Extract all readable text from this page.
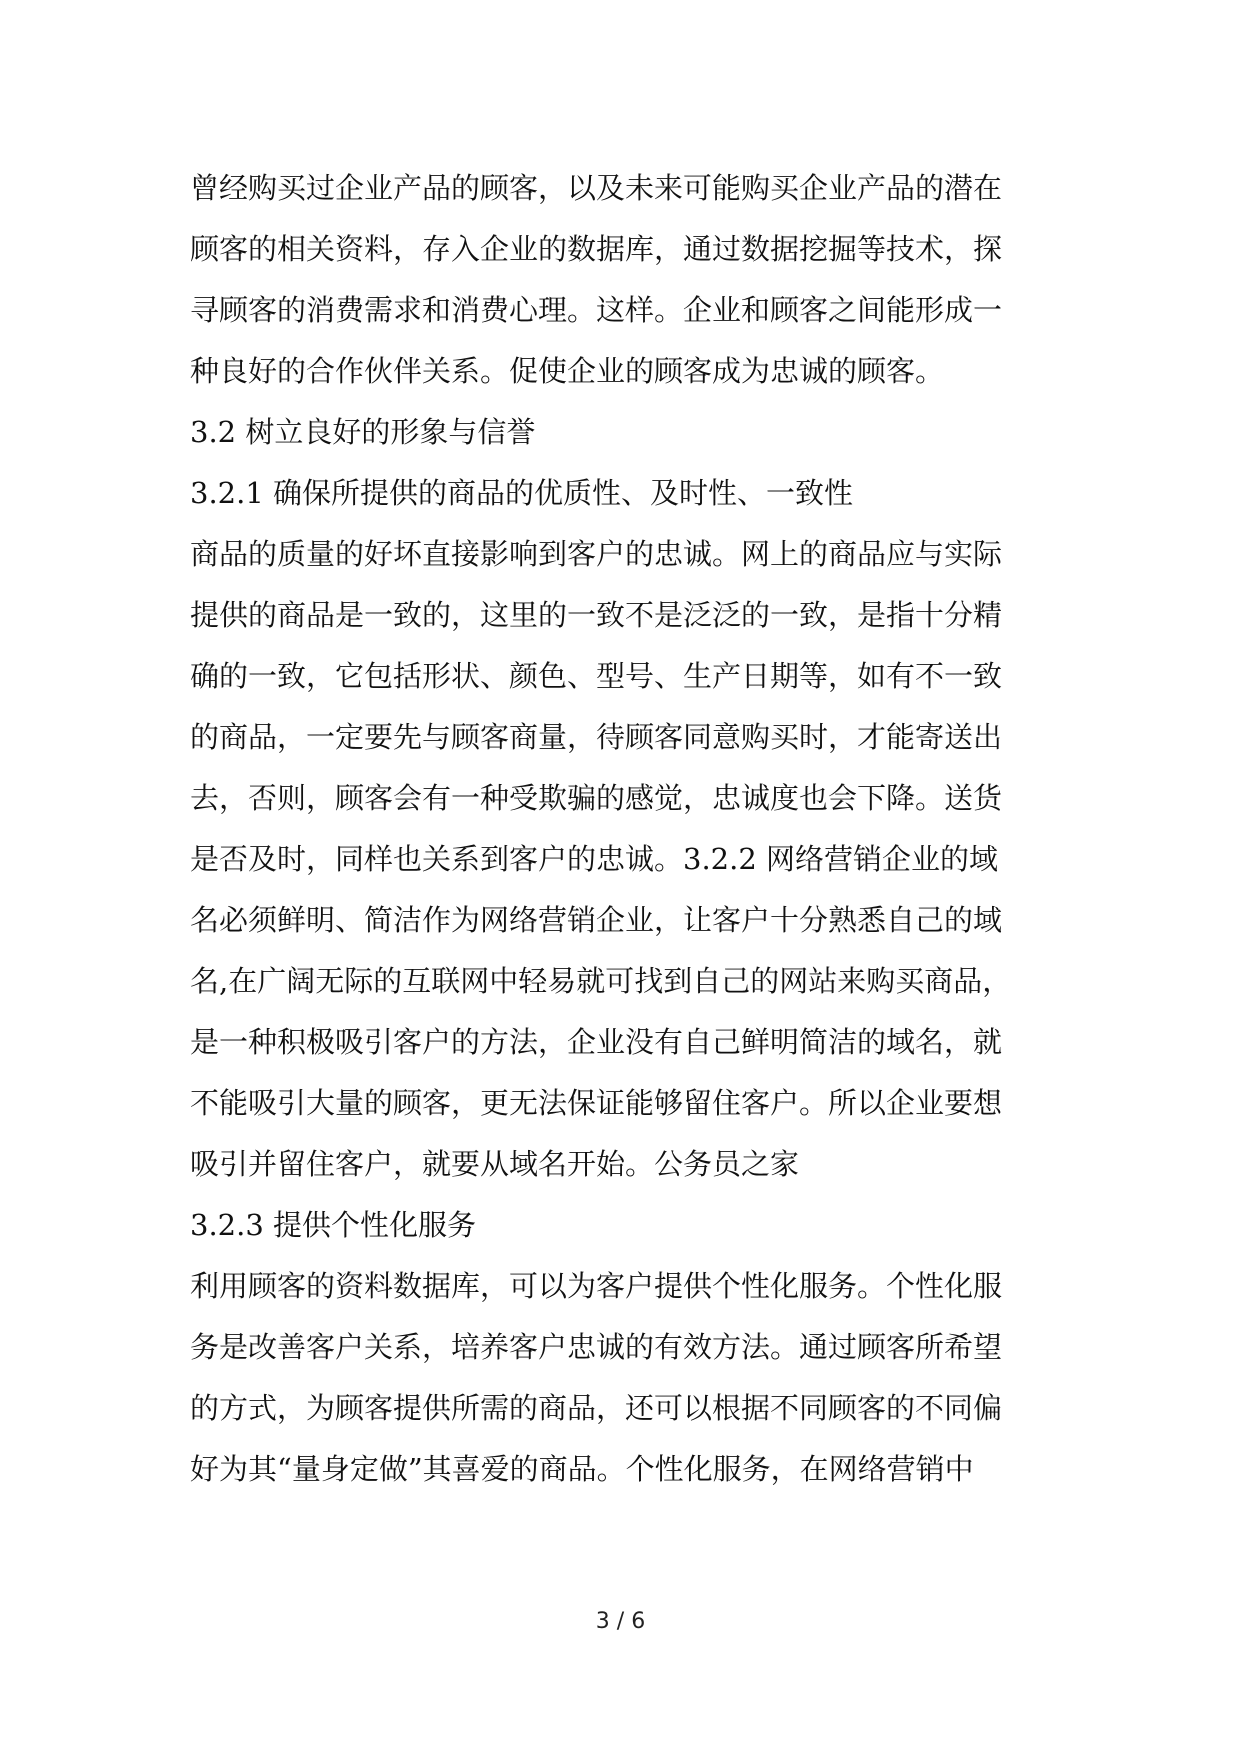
曾经购买过企业产品的顾客，以及未来可能购买企业产品的潜在
顾客的相关资料，存入企业的数据库，通过数据挖掘等技术，探
寻顾客的消费需求和消费心理。这样。企业和顾客之间能形成一
种良好的合作伙伴关系。促使企业的顾客成为忠诚的顾客。
3.2 树立良好的形象与信誉
3.2.1 确保所提供的商品的优质性、及时性、一致性
商品的质量的好坏直接影响到客户的忠诚。网上的商品应与实际
提供的商品是一致的，这里的一致不是泛泛的一致，是指十分精
确的一致，它包括形状、颜色、型号、生产日期等，如有不一致
的商品，一定要先与顾客商量，待顾客同意购买时，才能寄送出
去，否则，顾客会有一种受欺骗的感觉，忠诚度也会下降。送货
是否及时，同样也关系到客户的忠诚。3.2.2 网络营销企业的域
名必须鲜明、简洁作为网络营销企业，让客户十分熟悉自己的域
名,在广阔无际的互联网中轻易就可找到自己的网站来购买商品，
是一种积极吸引客户的方法，企业没有自己鲜明简洁的域名，就
不能吸引大量的顾客，更无法保证能够留住客户。所以企业要想
吸引并留住客户，就要从域名开始。公务员之家
3.2.3 提供个性化服务
利用顾客的资料数据库，可以为客户提供个性化服务。个性化服
务是改善客户关系，培养客户忠诚的有效方法。通过顾客所希望
的方式，为顾客提供所需的商品，还可以根据不同顾客的不同偏
好为其“量身定做”其喜爱的商品。个性化服务，在网络营销中
3 / 6
